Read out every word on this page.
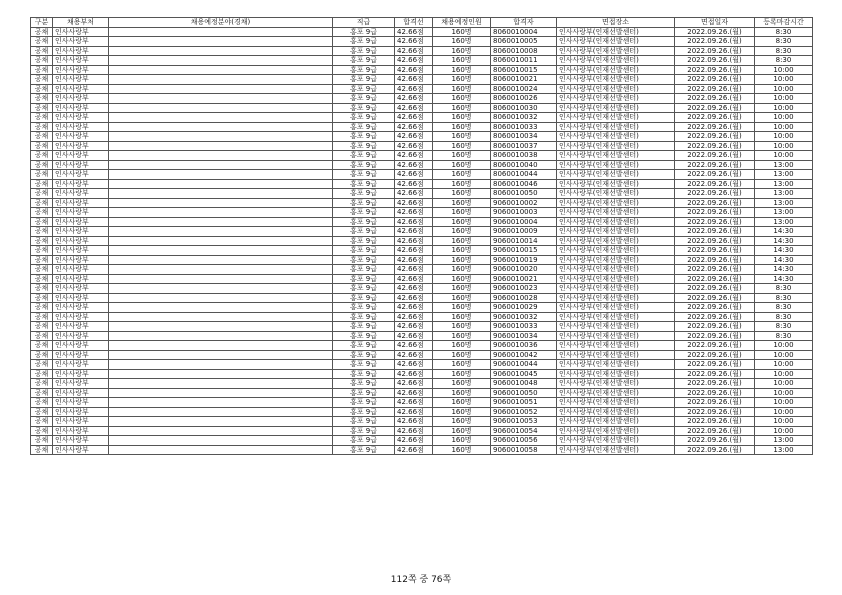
구분	채용부처	채용예정분야(경채)	직급	합격선	채용예정인원	합격자	면접장소	면접일자	등록마감시간
공채	인사사랑부		홍포 9급	42.66점	160명	8060010004	인사사랑부(인재선발센터)	2022.09.26.(월)	8:30
공채	인사사랑부		홍포 9급	42.66점	160명	8060010005	인사사랑부(인재선발센터)	2022.09.26.(월)	8:30
공채	인사사랑부		홍포 9급	42.66점	160명	8060010008	인사사랑부(인재선발센터)	2022.09.26.(월)	8:30
공채	인사사랑부		홍포 9급	42.66점	160명	8060010011	인사사랑부(인재선발센터)	2022.09.26.(월)	8:30
공채	인사사랑부		홍포 9급	42.66점	160명	8060010015	인사사랑부(인재선발센터)	2022.09.26.(월)	10:00
공채	인사사랑부		홍포 9급	42.66점	160명	8060010021	인사사랑부(인재선발센터)	2022.09.26.(월)	10:00
공채	인사사랑부		홍포 9급	42.66점	160명	8060010024	인사사랑부(인재선발센터)	2022.09.26.(월)	10:00
공채	인사사랑부		홍포 9급	42.66점	160명	8060010026	인사사랑부(인재선발센터)	2022.09.26.(월)	10:00
공채	인사사랑부		홍포 9급	42.66점	160명	8060010030	인사사랑부(인재선발센터)	2022.09.26.(월)	10:00
공채	인사사랑부		홍포 9급	42.66점	160명	8060010032	인사사랑부(인재선발센터)	2022.09.26.(월)	10:00
공채	인사사랑부		홍포 9급	42.66점	160명	8060010033	인사사랑부(인재선발센터)	2022.09.26.(월)	10:00
공채	인사사랑부		홍포 9급	42.66점	160명	8060010034	인사사랑부(인재선발센터)	2022.09.26.(월)	10:00
공채	인사사랑부		홍포 9급	42.66점	160명	8060010037	인사사랑부(인재선발센터)	2022.09.26.(월)	10:00
공채	인사사랑부		홍포 9급	42.66점	160명	8060010038	인사사랑부(인재선발센터)	2022.09.26.(월)	10:00
공채	인사사랑부		홍포 9급	42.66점	160명	8060010040	인사사랑부(인재선발센터)	2022.09.26.(월)	13:00
공채	인사사랑부		홍포 9급	42.66점	160명	8060010044	인사사랑부(인재선발센터)	2022.09.26.(월)	13:00
공채	인사사랑부		홍포 9급	42.66점	160명	8060010046	인사사랑부(인재선발센터)	2022.09.26.(월)	13:00
공채	인사사랑부		홍포 9급	42.66점	160명	8060010050	인사사랑부(인재선발센터)	2022.09.26.(월)	13:00
공채	인사사랑부		홍포 9급	42.66점	160명	9060010002	인사사랑부(인재선발센터)	2022.09.26.(월)	13:00
공채	인사사랑부		홍포 9급	42.66점	160명	9060010003	인사사랑부(인재선발센터)	2022.09.26.(월)	13:00
공채	인사사랑부		홍포 9급	42.66점	160명	9060010004	인사사랑부(인재선발센터)	2022.09.26.(월)	13:00
공채	인사사랑부		홍포 9급	42.66점	160명	9060010009	인사사랑부(인재선발센터)	2022.09.26.(월)	14:30
공채	인사사랑부		홍포 9급	42.66점	160명	9060010014	인사사랑부(인재선발센터)	2022.09.26.(월)	14:30
공채	인사사랑부		홍포 9급	42.66점	160명	9060010015	인사사랑부(인재선발센터)	2022.09.26.(월)	14:30
공채	인사사랑부		홍포 9급	42.66점	160명	9060010019	인사사랑부(인재선발센터)	2022.09.26.(월)	14:30
공채	인사사랑부		홍포 9급	42.66점	160명	9060010020	인사사랑부(인재선발센터)	2022.09.26.(월)	14:30
공채	인사사랑부		홍포 9급	42.66점	160명	9060010021	인사사랑부(인재선발센터)	2022.09.26.(월)	14:30
공채	인사사랑부		홍포 9급	42.66점	160명	9060010023	인사사랑부(인재선발센터)	2022.09.26.(월)	8:30
공채	인사사랑부		홍포 9급	42.66점	160명	9060010028	인사사랑부(인재선발센터)	2022.09.26.(월)	8:30
공채	인사사랑부		홍포 9급	42.66점	160명	9060010029	인사사랑부(인재선발센터)	2022.09.26.(월)	8:30
공채	인사사랑부		홍포 9급	42.66점	160명	9060010032	인사사랑부(인재선발센터)	2022.09.26.(월)	8:30
공채	인사사랑부		홍포 9급	42.66점	160명	9060010033	인사사랑부(인재선발센터)	2022.09.26.(월)	8:30
공채	인사사랑부		홍포 9급	42.66점	160명	9060010034	인사사랑부(인재선발센터)	2022.09.26.(월)	8:30
공채	인사사랑부		홍포 9급	42.66점	160명	9060010036	인사사랑부(인재선발센터)	2022.09.26.(월)	10:00
공채	인사사랑부		홍포 9급	42.66점	160명	9060010042	인사사랑부(인재선발센터)	2022.09.26.(월)	10:00
공채	인사사랑부		홍포 9급	42.66점	160명	9060010044	인사사랑부(인재선발센터)	2022.09.26.(월)	10:00
공채	인사사랑부		홍포 9급	42.66점	160명	9060010045	인사사랑부(인재선발센터)	2022.09.26.(월)	10:00
공채	인사사랑부		홍포 9급	42.66점	160명	9060010048	인사사랑부(인재선발센터)	2022.09.26.(월)	10:00
공채	인사사랑부		홍포 9급	42.66점	160명	9060010050	인사사랑부(인재선발센터)	2022.09.26.(월)	10:00
공채	인사사랑부		홍포 9급	42.66점	160명	9060010051	인사사랑부(인재선발센터)	2022.09.26.(월)	10:00
공채	인사사랑부		홍포 9급	42.66점	160명	9060010052	인사사랑부(인재선발센터)	2022.09.26.(월)	10:00
공채	인사사랑부		홍포 9급	42.66점	160명	9060010053	인사사랑부(인재선발센터)	2022.09.26.(월)	10:00
공채	인사사랑부		홍포 9급	42.66점	160명	9060010054	인사사랑부(인재선발센터)	2022.09.26.(월)	10:00
공채	인사사랑부		홍포 9급	42.66점	160명	9060010056	인사사랑부(인재선발센터)	2022.09.26.(월)	13:00
공채	인사사랑부		홍포 9급	42.66점	160명	9060010058	인사사랑부(인재선발센터)	2022.09.26.(월)	13:00
112쪽 중 76쪽
